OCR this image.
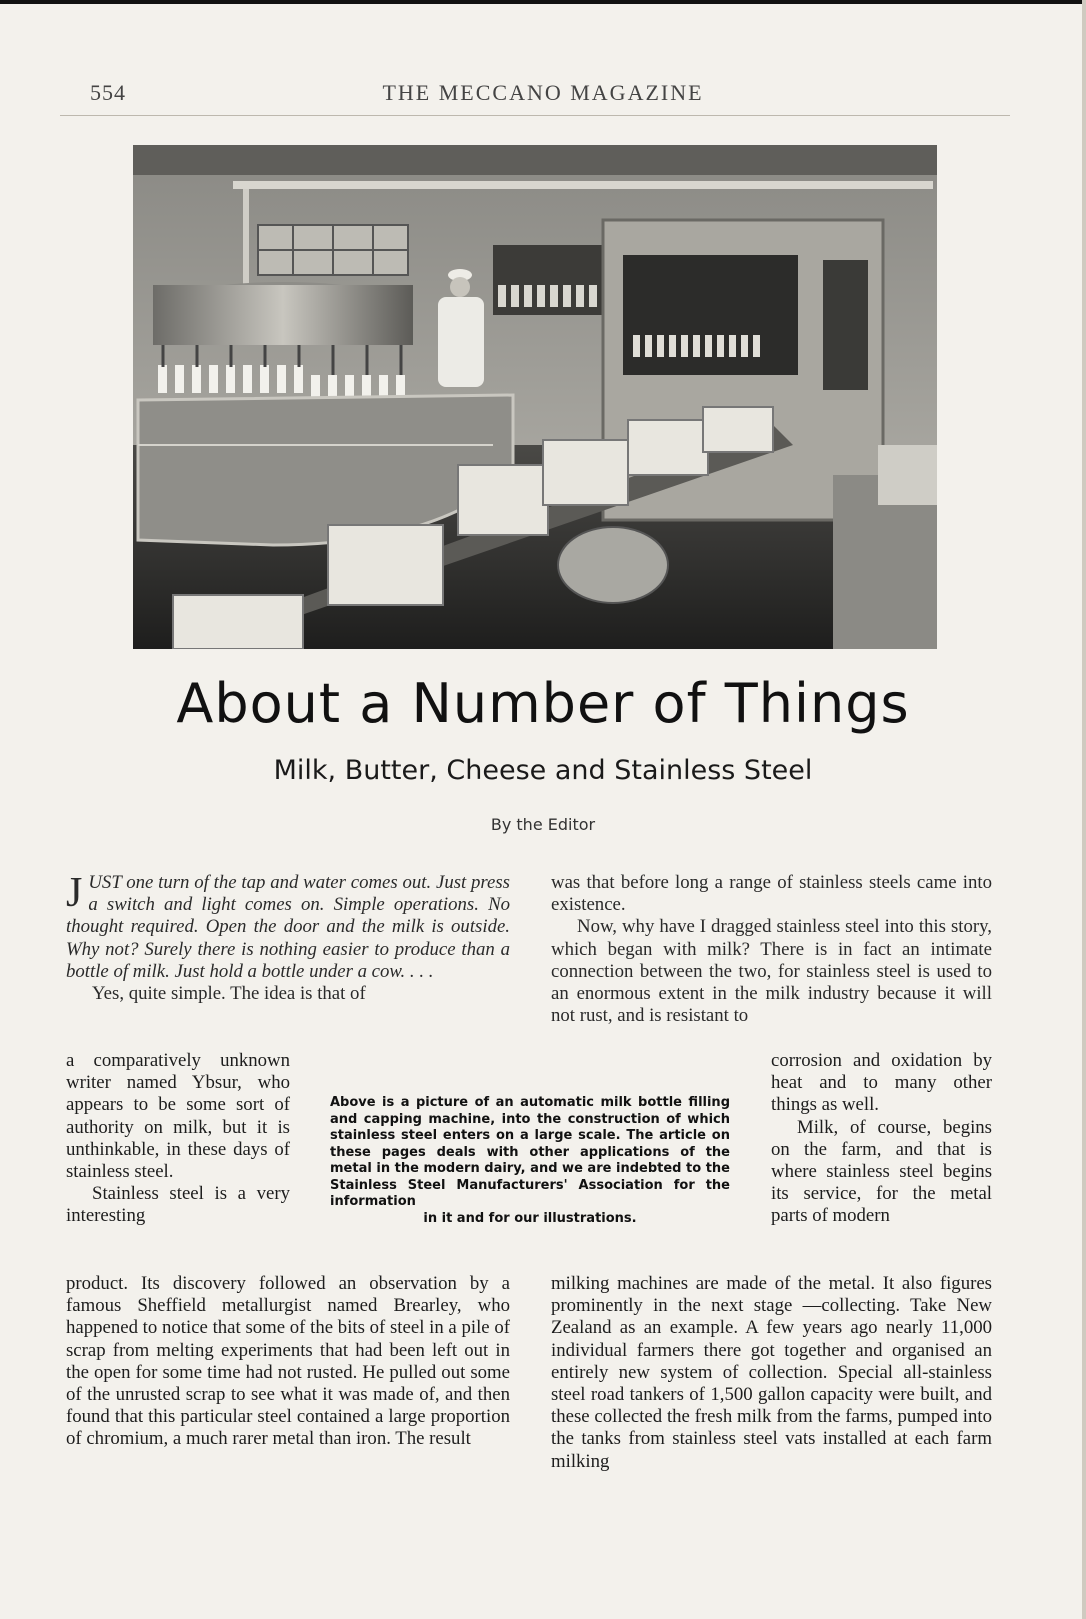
554	THE MECCANO MAGAZINE
About a Number of Things
Milk, Butter, Cheese and Stainless Steel
By the Editor

JUST one turn of the tap and water comes out. Just press a switch and light comes on. Simple operations. No thought required. Open the door and the milk is outside. Why not? Surely there is nothing easier to produce than a bottle of milk. Just hold a bottle under a cow. . . .

Yes, quite simple. The idea is that of

a comparatively unknown writer named Ybsur, who appears to be some sort of authority on milk, but it is unthinkable, in these days of stainless steel.

Stainless steel is a very interesting

product. Its discovery followed an observation by a famous Sheffield metallurgist named Brearley, who happened to notice that some of the bits of steel in a pile of scrap from melting experiments that had been left out in the open for some time had not rusted. He pulled out some of the unrusted scrap to see what it was made of, and then found that this particular steel contained a large proportion of chromium, a much rarer metal than iron. The result

was that before long a range of stainless steels came into existence.

Now, why have I dragged stainless steel into this story, which began with milk? There is in fact an intimate connection between the two, for stainless steel is used to an enormous extent in the milk industry because it will not rust, and is resistant to

corrosion and oxidation by heat and to many other things as well.

Milk, of course, begins on the farm, and that is where stainless steel begins its service, for the metal parts of modern

milking machines are made of the metal. It also figures prominently in the next stage —collecting. Take New Zealand as an example. A few years ago nearly 11,000 individual farmers there got together and organised an entirely new system of collection. Special all-stainless steel road tankers of 1,500 gallon capacity were built, and these collected the fresh milk from the farms, pumped into the tanks from stainless steel vats installed at each farm milking

Above is a picture of an automatic milk bottle filling and capping machine, into the construction of which stainless steel enters on a large scale. The article on these pages deals with other applications of the metal in the modern dairy, and we are indebted to the Stainless Steel Manufacturers' Association for the information
in it and for our illustrations.
